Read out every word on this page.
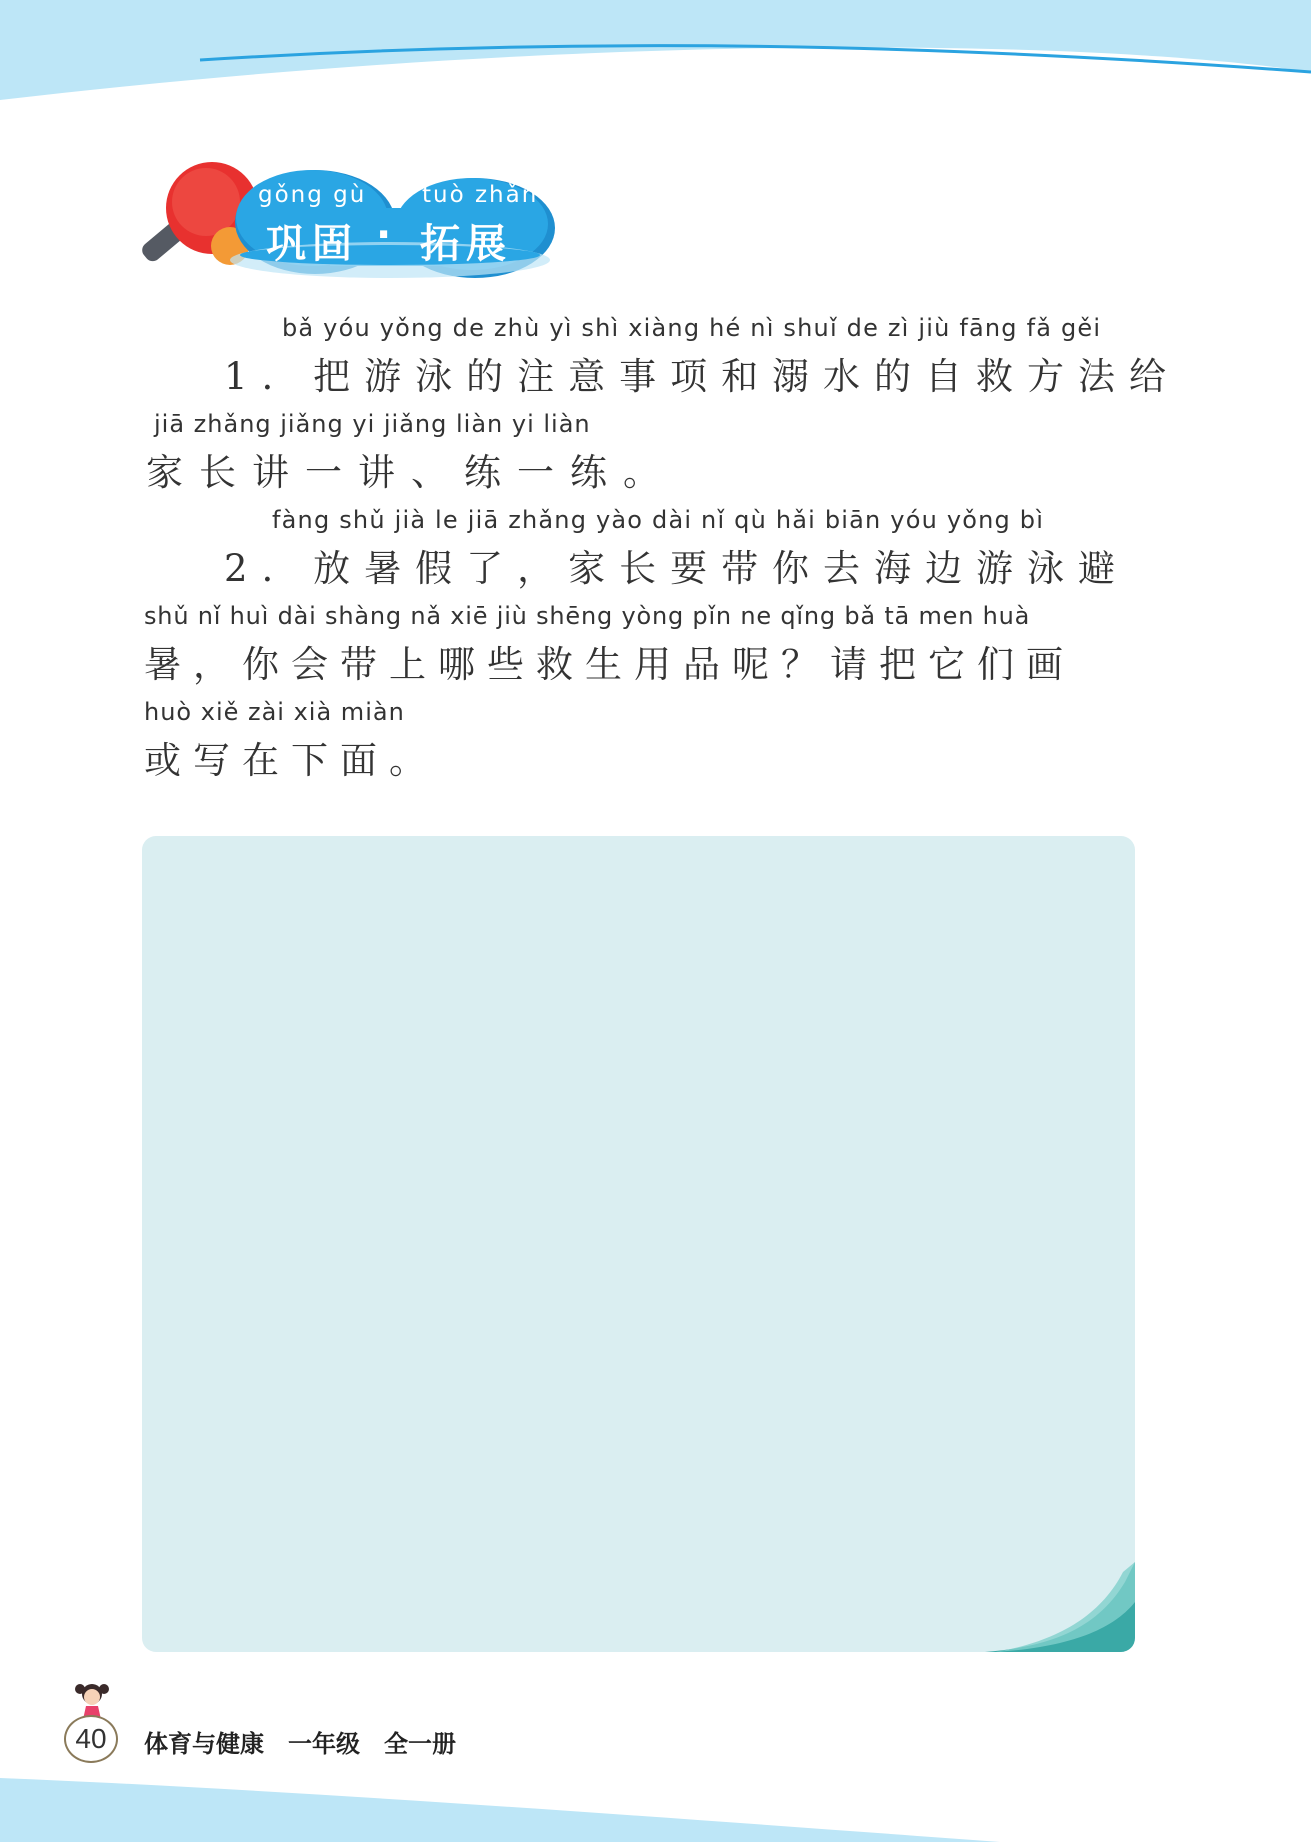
gǒng gù tuò zhǎn
巩固 · 拓展
bǎ yóu yǒng de zhù yì shì xiàng hé nì shuǐ de zì jiù fāng fǎ gěi
1. 把游泳的注意事项和溺水的自救方法给
jiā zhǎng jiǎng yi jiǎng liàn yi liàn
家长讲一讲、练一练。
fàng shǔ jià le jiā zhǎng yào dài nǐ qù hǎi biān yóu yǒng bì
2. 放暑假了，家长要带你去海边游泳避
shǔ nǐ huì dài shàng nǎ xiē jiù shēng yòng pǐn ne qǐng bǎ tā men huà
暑，你会带上哪些救生用品呢？请把它们画
huò xiě zài xià miàn
或写在下面。
40	体育与健康　一年级　全一册
